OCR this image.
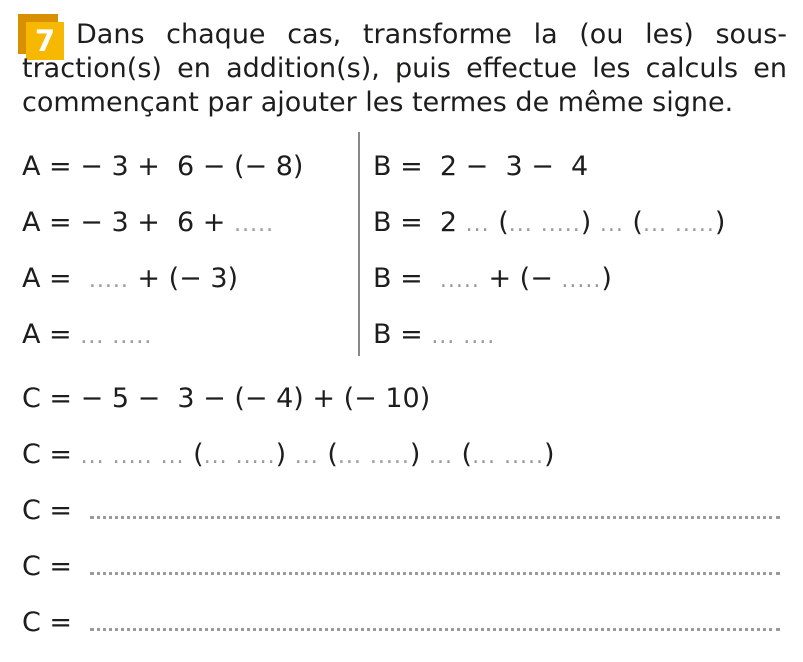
7 Dans chaque cas, transforme la (ou les) sous-traction(s) en addition(s), puis effectue les calculs en commençant par ajouter les termes de même signe.

A = − 3 +  6 − (− 8)
A = − 3 +  6 + .....
A =  ..... + (− 3)
A = ... .....
B =  2 −  3 −  4
B =  2 ... (... .....) ... (... .....)
B =  ..... + (− .....)
B = ... ....
C = − 5 −  3 − (− 4) + (− 10)
C = ... ..... ... (... .....) ... (... .....) ... (... .....)
C =
C =
C =
